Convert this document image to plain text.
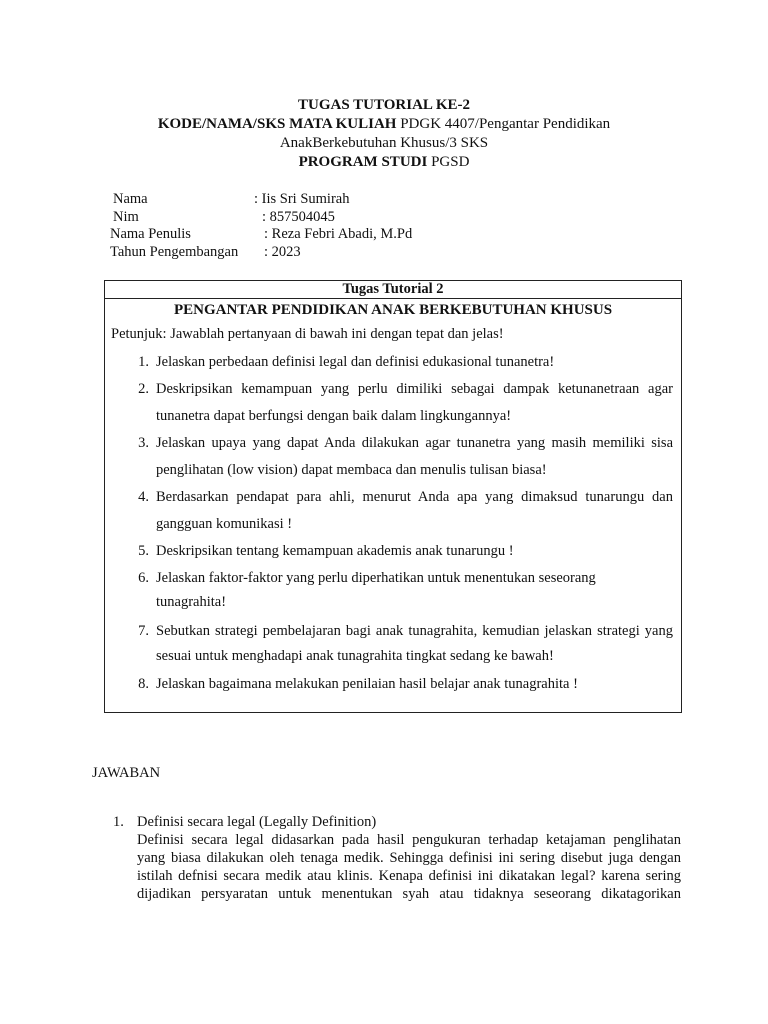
TUGAS TUTORIAL KE-2
KODE/NAMA/SKS MATA KULIAH PDGK 4407/Pengantar Pendidikan
AnakBerkebutuhan Khusus/3 SKS
PROGRAM STUDI PGSD
Nama	: Iis Sri Sumirah
Nim	: 857504045
Nama Penulis	: Reza Febri Abadi, M.Pd
Tahun Pengembangan : 2023
Tugas Tutorial 2
PENGANTAR PENDIDIKAN ANAK BERKEBUTUHAN KHUSUS
Petunjuk: Jawablah pertanyaan di bawah ini dengan tepat dan jelas!
1. Jelaskan perbedaan definisi legal dan definisi edukasional tunanetra!
2. Deskripsikan kemampuan yang perlu dimiliki sebagai dampak ketunanetraan agar
tunanetra dapat berfungsi dengan baik dalam lingkungannya!
3. Jelaskan upaya yang dapat Anda dilakukan agar tunanetra yang masih memiliki sisa
penglihatan (low vision) dapat membaca dan menulis tulisan biasa!
4. Berdasarkan pendapat para ahli, menurut Anda apa yang dimaksud tunarungu dan
gangguan komunikasi !
5. Deskripsikan tentang kemampuan akademis anak tunarungu !
6. Jelaskan faktor-faktor yang perlu diperhatikan untuk menentukan seseorang
tunagrahita!
7. Sebutkan strategi pembelajaran bagi anak tunagrahita, kemudian jelaskan strategi yang
sesuai untuk menghadapi anak tunagrahita tingkat sedang ke bawah!
8. Jelaskan bagaimana melakukan penilaian hasil belajar anak tunagrahita !
JAWABAN
1. Definisi secara legal (Legally Definition)
Definisi secara legal didasarkan pada hasil pengukuran terhadap ketajaman penglihatan
yang biasa dilakukan oleh tenaga medik. Sehingga definisi ini sering disebut juga dengan
istilah defnisi secara medik atau klinis. Kenapa definisi ini dikatakan legal? karena sering
dijadikan persyaratan untuk menentukan syah atau tidaknya seseorang dikatagorikan
